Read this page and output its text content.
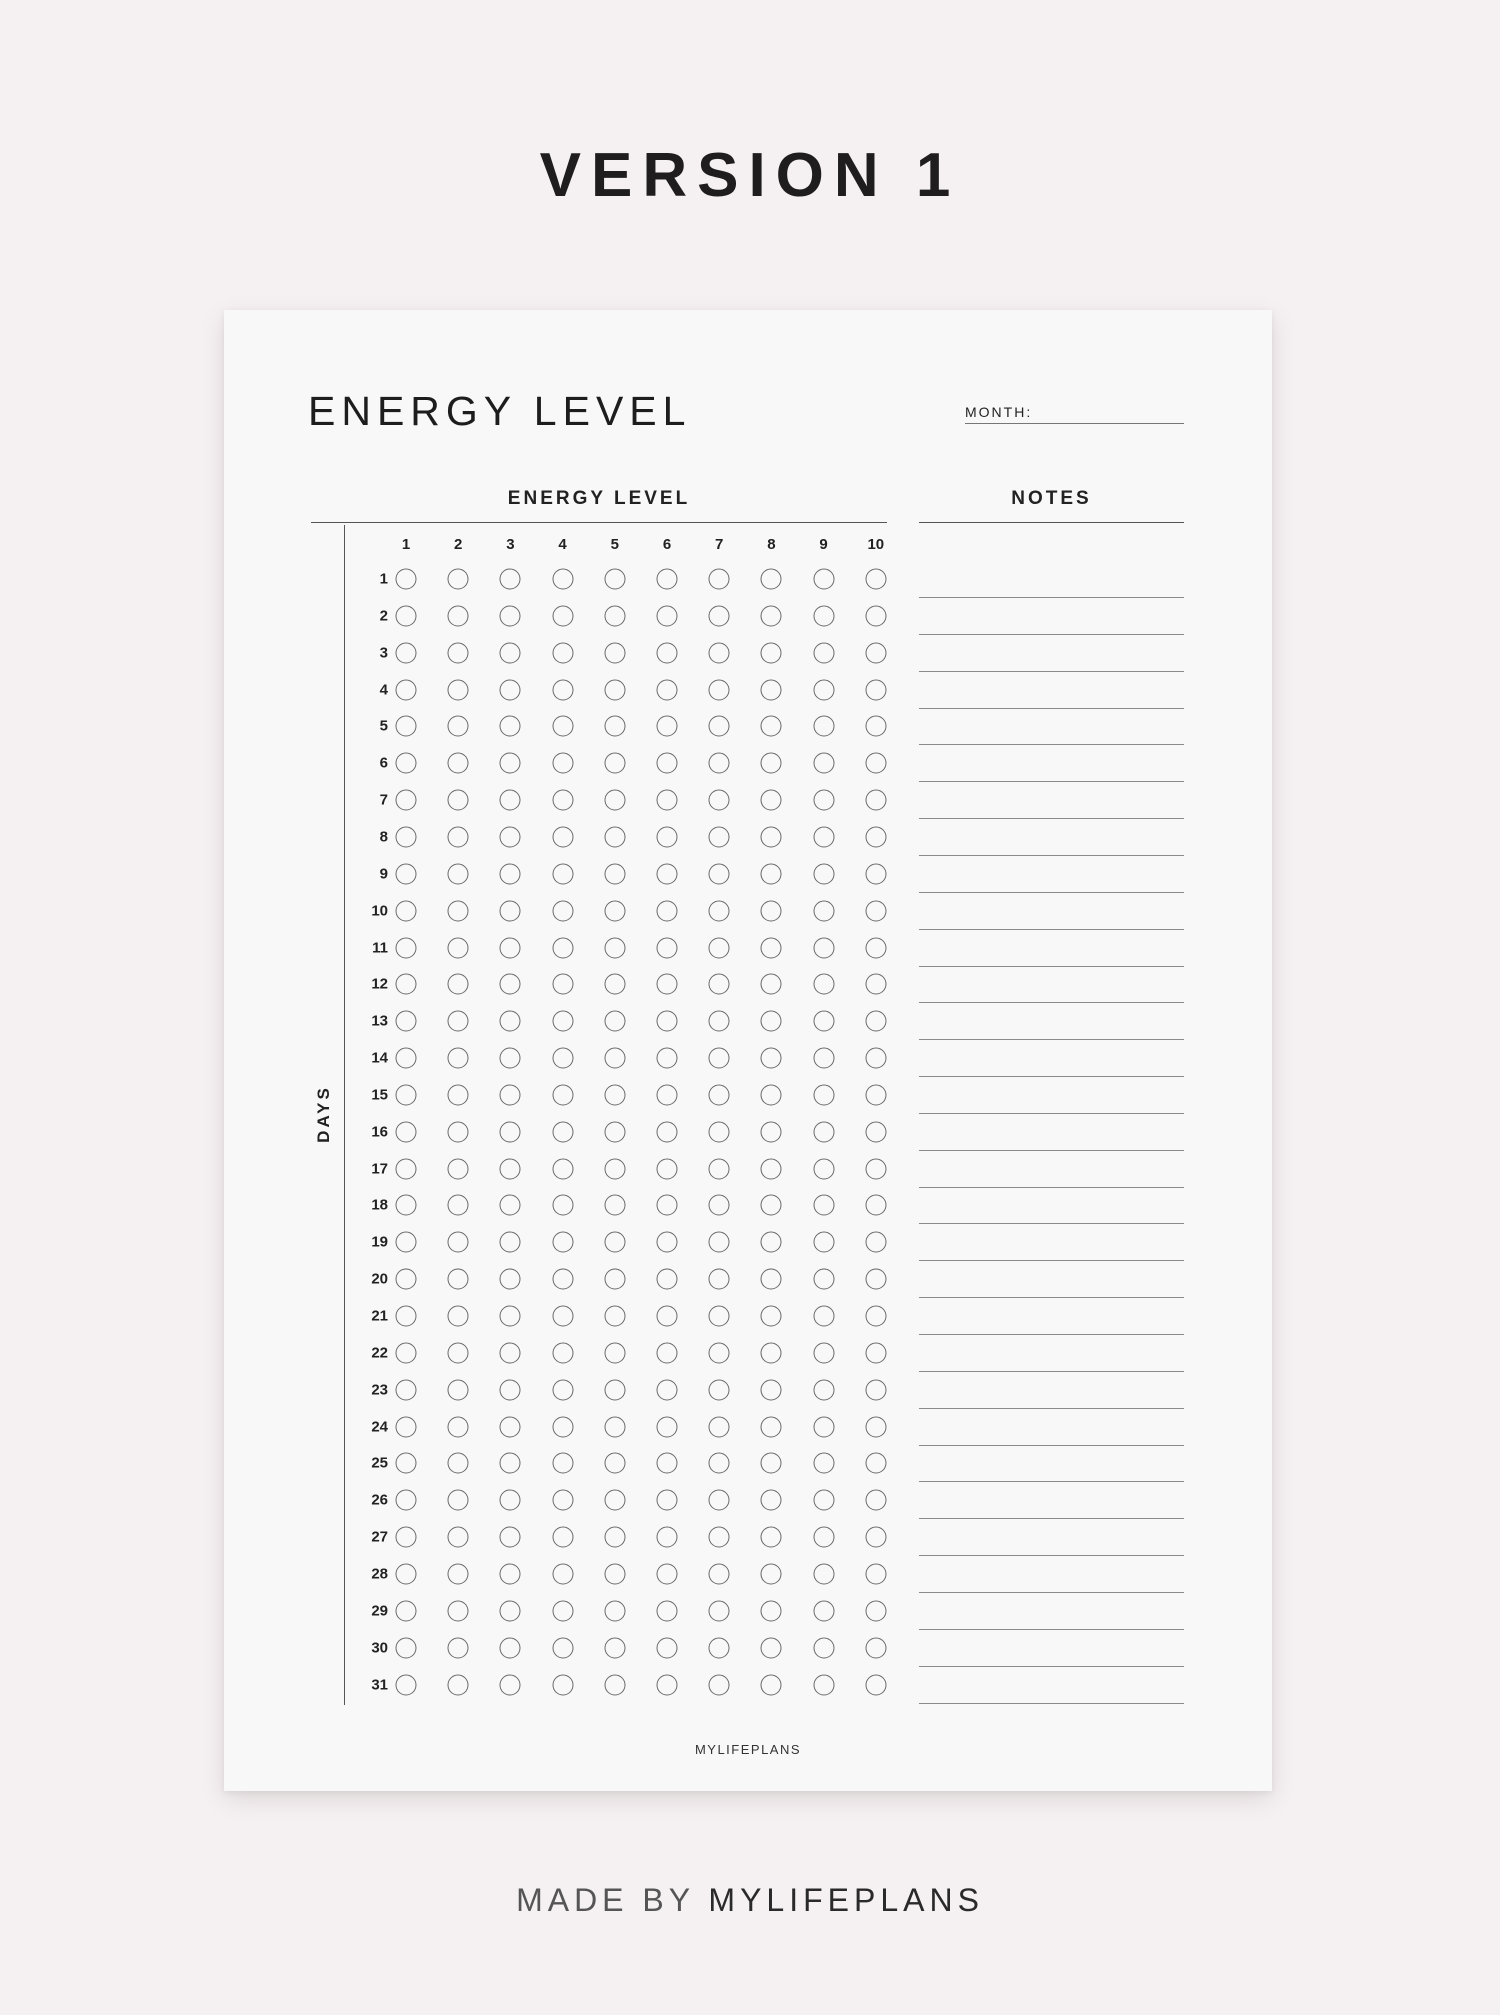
VERSION 1
ENERGY LEVEL	MONTH:
ENERGY LEVEL	NOTES
DAYS
1	2	3	4	5	6	7	8	9	10
1
2
3
4
5
6
7
8
9
10
11
12
13
14
15
16
17
18
19
20
21
22
23
24
25
26
27
28
29
30
31
MYLIFEPLANS
MADE BY MYLIFEPLANS
